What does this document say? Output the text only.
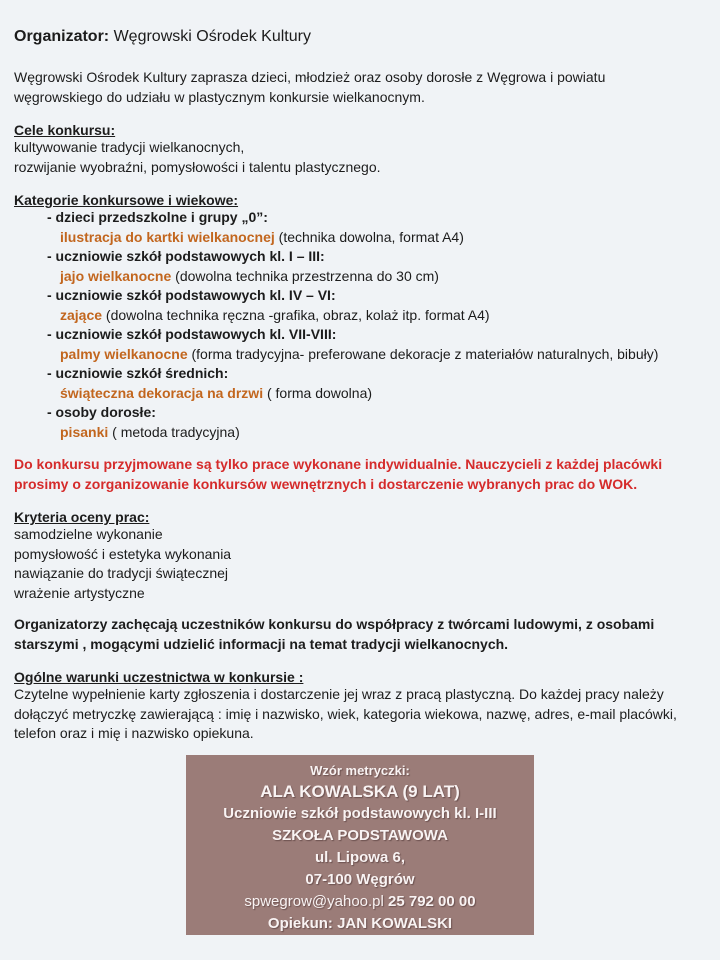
Organizator: Węgrowski Ośrodek Kultury

Węgrowski Ośrodek Kultury zaprasza dzieci, młodzież oraz osoby dorosłe z Węgrowa i powiatu
węgrowskiego do udziału w plastycznym konkursie wielkanocnym.

Cele konkursu:

kultywowanie tradycji wielkanocnych,
rozwijanie wyobraźni, pomysłowości i talentu plastycznego.

Kategorie konkursowe i wiekowe:

- dzieci przedszkolne i grupy „0”:
ilustracja do kartki wielkanocnej (technika dowolna, format A4)
- uczniowie szkół podstawowych kl. I – III:
jajo wielkanocne (dowolna technika przestrzenna do 30 cm)
- uczniowie szkół podstawowych kl. IV – VI:
zające (dowolna technika ręczna -grafika, obraz, kolaż itp. format A4)
- uczniowie szkół podstawowych kl. VII-VIII:
palmy wielkanocne (forma tradycyjna- preferowane dekoracje z materiałów naturalnych, bibuły)
- uczniowie szkół średnich:
świąteczna dekoracja na drzwi ( forma dowolna)
- osoby dorosłe:
pisanki ( metoda tradycyjna)

Do konkursu przyjmowane są tylko prace wykonane indywidualnie. Nauczycieli z każdej placówki
prosimy o zorganizowanie konkursów wewnętrznych i dostarczenie wybranych prac do WOK.

Kryteria oceny prac:

samodzielne wykonanie
pomysłowość i estetyka wykonania
nawiązanie do tradycji świątecznej
wrażenie artystyczne

Organizatorzy zachęcają uczestników konkursu do współpracy z twórcami ludowymi, z osobami
starszymi , mogącymi udzielić informacji na temat tradycji wielkanocnych.

Ogólne warunki uczestnictwa w konkursie :

Czytelne wypełnienie karty zgłoszenia i dostarczenie jej wraz z pracą plastyczną. Do każdej pracy należy
dołączyć metryczkę zawierającą : imię i nazwisko, wiek, kategoria wiekowa, nazwę, adres, e-mail placówki,
telefon oraz i mię i nazwisko opiekuna.

Wzór metryczki:
ALA KOWALSKA (9 LAT)
Uczniowie szkół podstawowych kl. I-III
SZKOŁA PODSTAWOWA
ul. Lipowa 6,
07-100 Węgrów
spwegrow@yahoo.pl 25 792 00 00
Opiekun: JAN KOWALSKI
